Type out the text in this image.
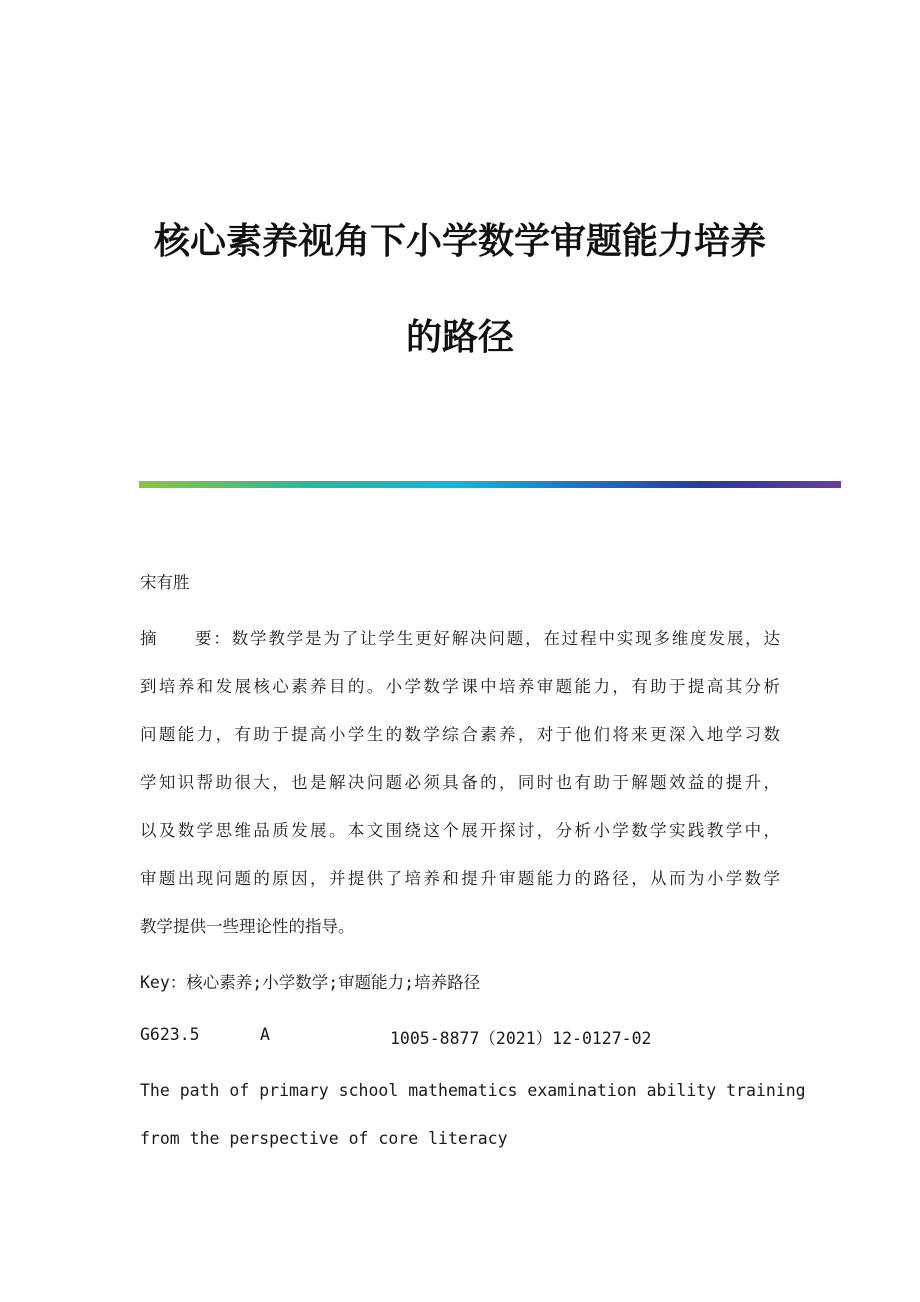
核心素养视角下小学数学审题能力培养
的路径
宋有胜
摘　　要：数学教学是为了让学生更好解决问题，在过程中实现多维度发展，达
到培养和发展核心素养目的。小学数学课中培养审题能力，有助于提高其分析
问题能力，有助于提高小学生的数学综合素养，对于他们将来更深入地学习数
学知识帮助很大，也是解决问题必须具备的，同时也有助于解题效益的提升，
以及数学思维品质发展。本文围绕这个展开探讨，分析小学数学实践教学中，
审题出现问题的原因，并提供了培养和提升审题能力的路径，从而为小学数学
教学提供一些理论性的指导。
Key：核心素养;小学数学;审题能力;培养路径
G623.5	A	1005-8877（2021）12-0127-02
The path of primary school mathematics examination ability training
from the perspective of core literacy
